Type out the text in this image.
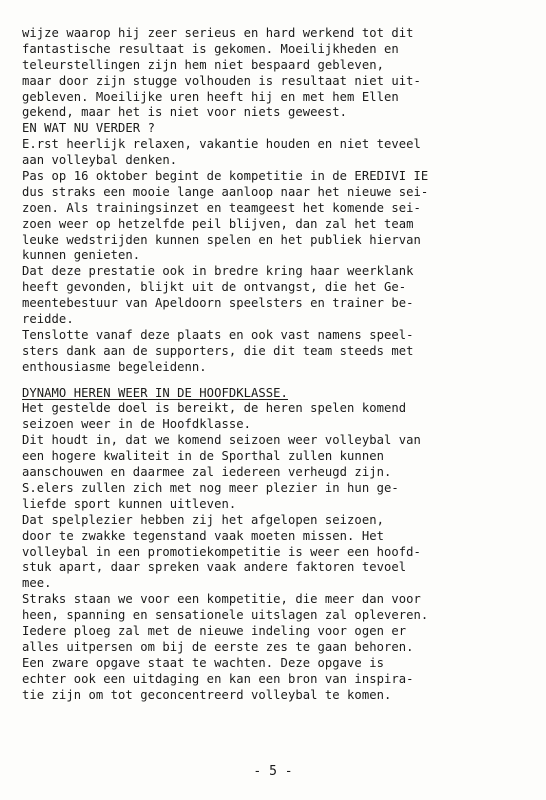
wijze waarop hij zeer serieus en hard werkend tot dit
fantastische resultaat is gekomen. Moeilijkheden en
teleurstellingen zijn hem niet bespaard gebleven,
maar door zijn stugge volhouden is resultaat niet uit-
gebleven. Moeilijke uren heeft hij en met hem Ellen
gekend, maar het is niet voor niets geweest.
EN WAT NU VERDER ?
E.rst heerlijk relaxen, vakantie houden en niet teveel
aan volleybal denken.
Pas op 16 oktober begint de kompetitie in de EREDIVI IE
dus straks een mooie lange aanloop naar het nieuwe sei-
zoen. Als trainingsinzet en teamgeest het komende sei-
zoen weer op hetzelfde peil blijven, dan zal het team
leuke wedstrijden kunnen spelen en het publiek hiervan
kunnen genieten.
Dat deze prestatie ook in bredre kring haar weerklank
heeft gevonden, blijkt uit de ontvangst, die het Ge-
meentebestuur van Apeldoorn speelsters en trainer be-
reidde.
Tenslotte vanaf deze plaats en ook vast namens speel-
sters dank aan de supporters, die dit team steeds met
enthousiasme begeleidenn.
DYNAMO HEREN WEER IN DE HOOFDKLASSE.
Het gestelde doel is bereikt, de heren spelen komend
seizoen weer in de Hoofdklasse.
Dit houdt in, dat we komend seizoen weer volleybal van
een hogere kwaliteit in de Sporthal zullen kunnen
aanschouwen en daarmee zal iedereen verheugd zijn.
S.elers zullen zich met nog meer plezier in hun ge-
liefde sport kunnen uitleven.
Dat spelplezier hebben zij het afgelopen seizoen,
door te zwakke tegenstand vaak moeten missen. Het
volleybal in een promotiekompetitie is weer een hoofd-
stuk apart, daar spreken vaak andere faktoren tevoel
mee.
Straks staan we voor een kompetitie, die meer dan voor
heen, spanning en sensationele uitslagen zal opleveren.
Iedere ploeg zal met de nieuwe indeling voor ogen er
alles uitpersen om bij de eerste zes te gaan behoren.
Een zware opgave staat te wachten. Deze opgave is
echter ook een uitdaging en kan een bron van inspira-
tie zijn om tot geconcentreerd volleybal te komen.
- 5 -
